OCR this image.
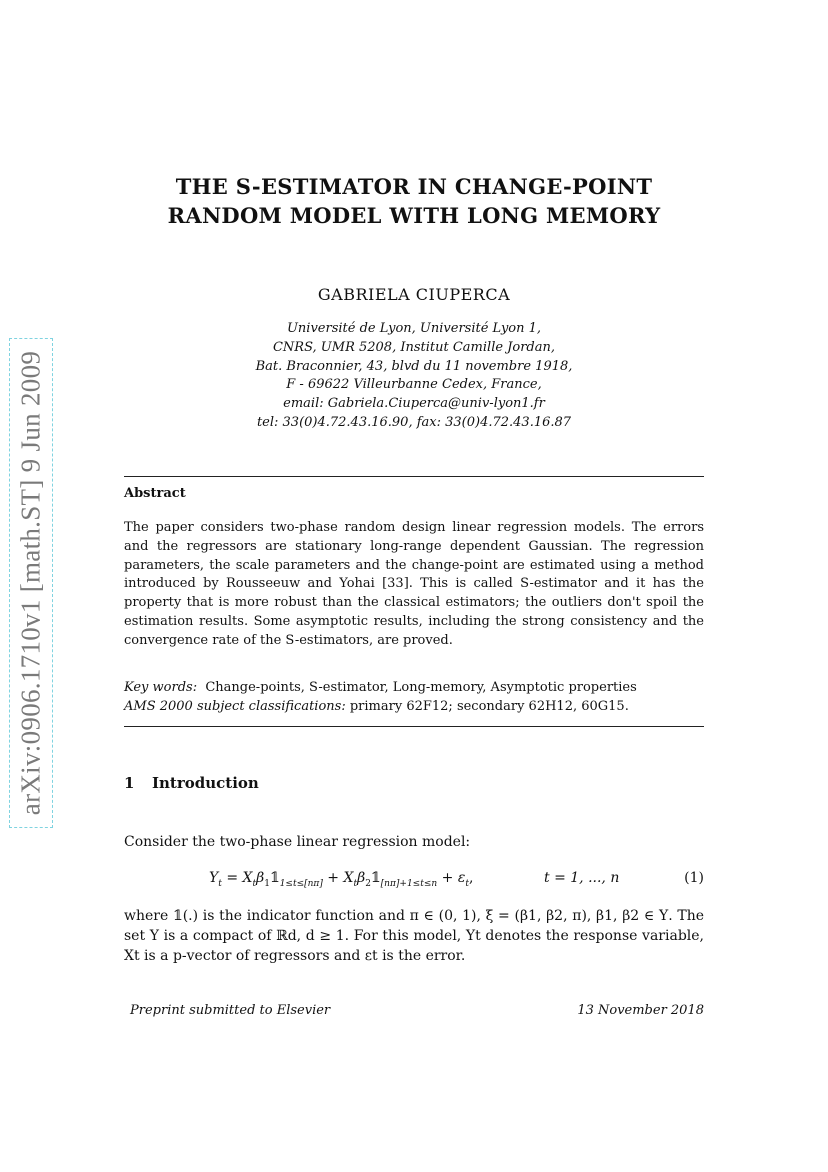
arXiv:0906.1710v1 [math.ST] 9 Jun 2009
THE S-ESTIMATOR IN CHANGE-POINT
RANDOM MODEL WITH LONG MEMORY
GABRIELA CIUPERCA
Université de Lyon, Université Lyon 1,
CNRS, UMR 5208, Institut Camille Jordan,
Bat. Braconnier, 43, blvd du 11 novembre 1918,
F - 69622 Villeurbanne Cedex, France,
email: Gabriela.Ciuperca@univ-lyon1.fr
tel: 33(0)4.72.43.16.90, fax: 33(0)4.72.43.16.87
Abstract

The paper considers two-phase random design linear regression models. The errors and the regressors are stationary long-range dependent Gaussian. The regression parameters, the scale parameters and the change-point are estimated using a method introduced by Rousseeuw and Yohai [33]. This is called S-estimator and it has the property that is more robust than the classical estimators; the outliers don't spoil the estimation results. Some asymptotic results, including the strong consistency and the convergence rate of the S-estimators, are proved.

Key words: Change-points, S-estimator, Long-memory, Asymptotic properties
AMS 2000 subject classifications: primary 62F12; secondary 62H12, 60G15.
1 Introduction
Consider the two-phase linear regression model:
$Y_t$ = $X_t\beta_1𝟙_{1\le t\le[n\pi]}$ + $X_t\beta_2𝟙_{[n\pi]+1\le t\le n} + \varepsilon_t$,	t = 1, ..., n	(1)
where 𝟙(.) is the indicator function and π ∈ (0, 1), ξ = (β1, β2, π), β1, β2 ∈ Υ. The set Υ is a compact of ℝd, d ≥ 1. For this model, Yt denotes the response variable, Xt is a p-vector of regressors and εt is the error.
Preprint submitted to Elsevier	13 November 2018
